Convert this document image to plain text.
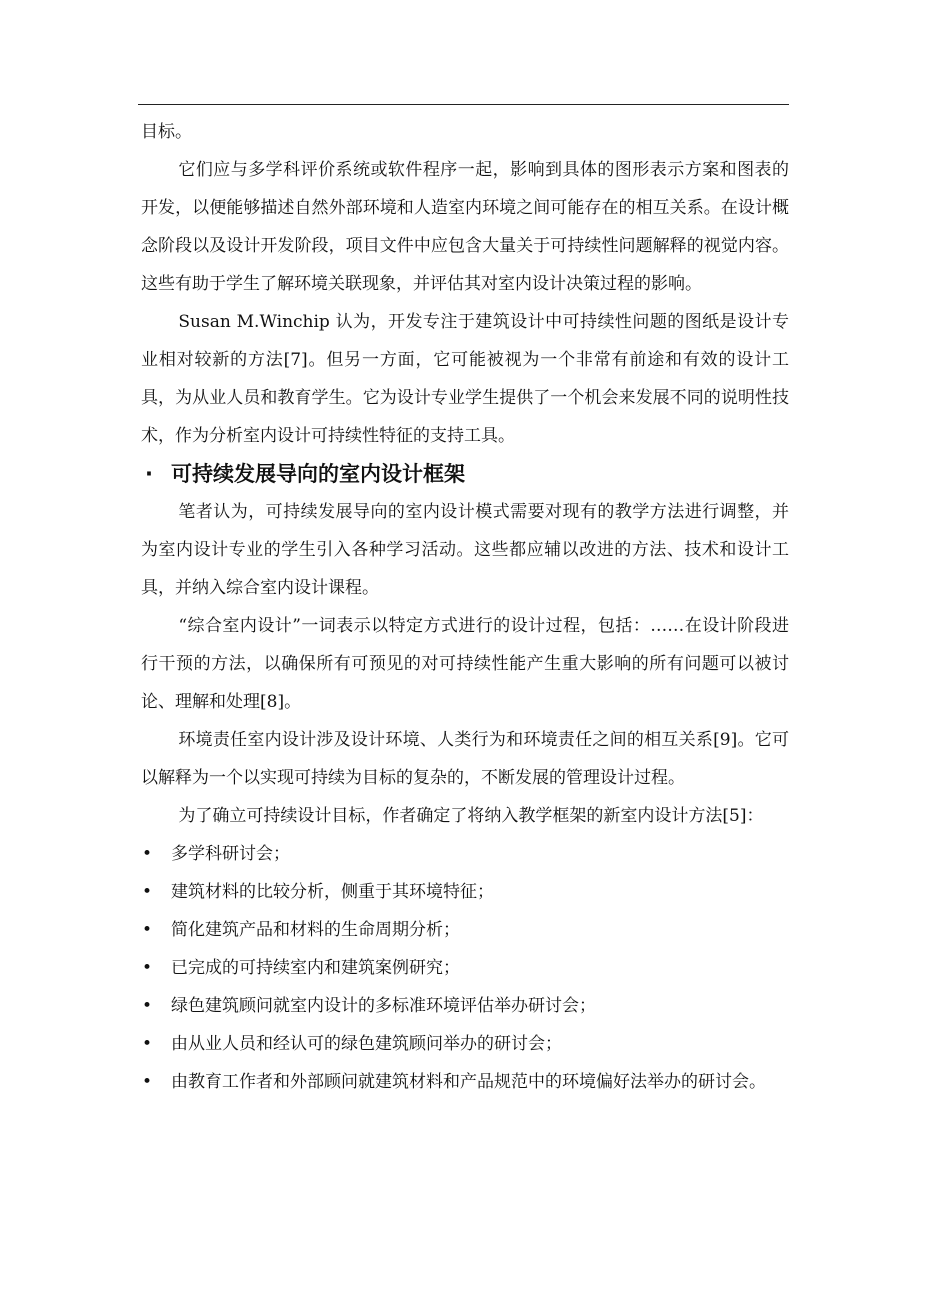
目标。

它们应与多学科评价系统或软件程序一起，影响到具体的图形表示方案和图表的开发，以便能够描述自然外部环境和人造室内环境之间可能存在的相互关系。在设计概念阶段以及设计开发阶段，项目文件中应包含大量关于可持续性问题解释的视觉内容。这些有助于学生了解环境关联现象，并评估其对室内设计决策过程的影响。

Susan M.Winchip 认为，开发专注于建筑设计中可持续性问题的图纸是设计专业相对较新的方法[7]。但另一方面，它可能被视为一个非常有前途和有效的设计工具，为从业人员和教育学生。它为设计专业学生提供了一个机会来发展不同的说明性技术，作为分析室内设计可持续性特征的支持工具。

· 可持续发展导向的室内设计框架

笔者认为，可持续发展导向的室内设计模式需要对现有的教学方法进行调整，并为室内设计专业的学生引入各种学习活动。这些都应辅以改进的方法、技术和设计工具，并纳入综合室内设计课程。

“综合室内设计”一词表示以特定方式进行的设计过程，包括：……在设计阶段进行干预的方法，以确保所有可预见的对可持续性能产生重大影响的所有问题可以被讨论、理解和处理[8]。

环境责任室内设计涉及设计环境、人类行为和环境责任之间的相互关系[9]。它可以解释为一个以实现可持续为目标的复杂的，不断发展的管理设计过程。

为了确立可持续设计目标，作者确定了将纳入教学框架的新室内设计方法[5]：

•	多学科研讨会；
•	建筑材料的比较分析，侧重于其环境特征；
•	简化建筑产品和材料的生命周期分析；
•	已完成的可持续室内和建筑案例研究；
•	绿色建筑顾问就室内设计的多标准环境评估举办研讨会；
•	由从业人员和经认可的绿色建筑顾问举办的研讨会；
•	由教育工作者和外部顾问就建筑材料和产品规范中的环境偏好法举办的研讨会。
